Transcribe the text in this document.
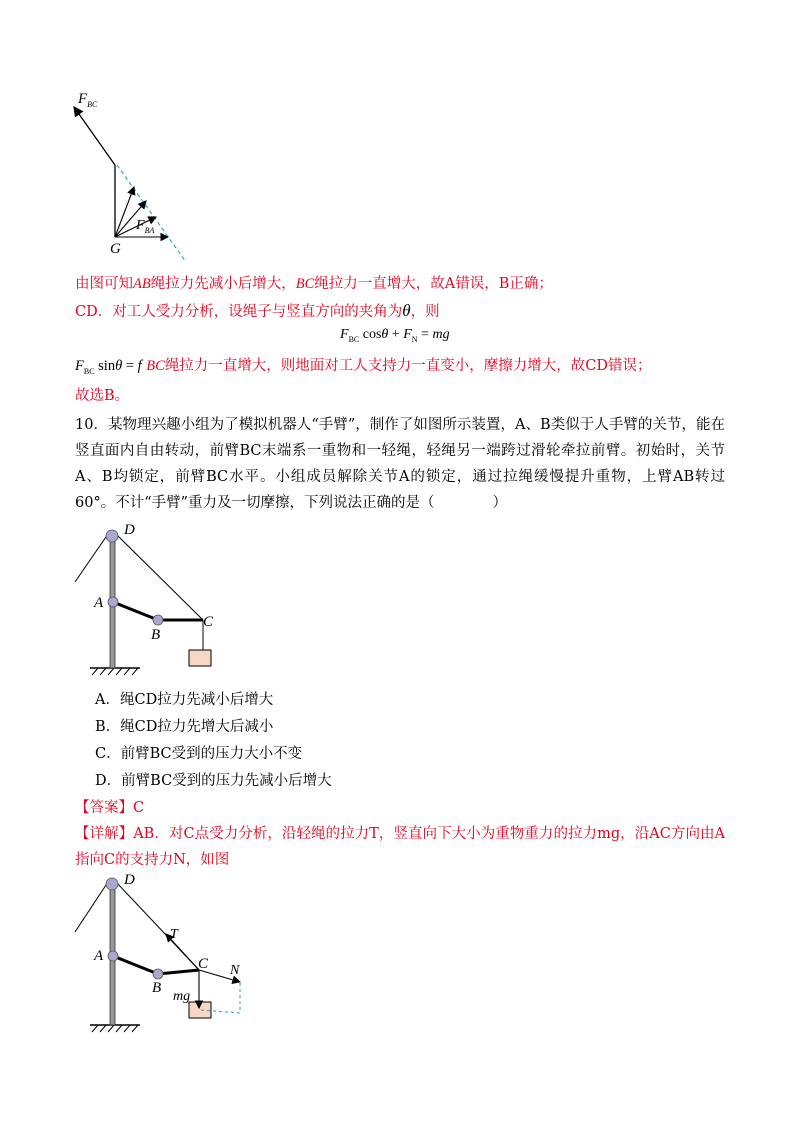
$F_{BC}$
$F_{BA}$
G
由图可知AB绳拉力先减小后增大，BC绳拉力一直增大，故A错误，B正确；
CD．对工人受力分析，设绳子与竖直方向的夹角为θ，则
$F_{BC}$ $\cos\theta + F_N$ = mg
$F_{BC}$ sinθ = f BC绳拉力一直增大，则地面对工人支持力一直变小，摩擦力增大，故CD错误；
故选B。
10．某物理兴趣小组为了模拟机器人“手臂”，制作了如图所示装置，A、B类似于人手臂的关节，能在竖直面内自由转动，前臂BC末端系一重物和一轻绳，轻绳另一端跨过滑轮牵拉前臂。初始时，关节A、B均锁定，前臂BC水平。小组成员解除关节A的锁定，通过拉绳缓慢提升重物，上臂AB转过60°。不计“手臂”重力及一切摩擦，下列说法正确的是（　　　　）
D
A
B
C
A．绳CD拉力先减小后增大
B．绳CD拉力先增大后减小
C．前臂BC受到的压力大小不变
D．前臂BC受到的压力先减小后增大
【答案】C
【详解】AB．对C点受力分析，沿轻绳的拉力T，竖直向下大小为重物重力的拉力mg，沿AC方向由A指向C的支持力N，如图
D
A
B
C
T
N
mg
